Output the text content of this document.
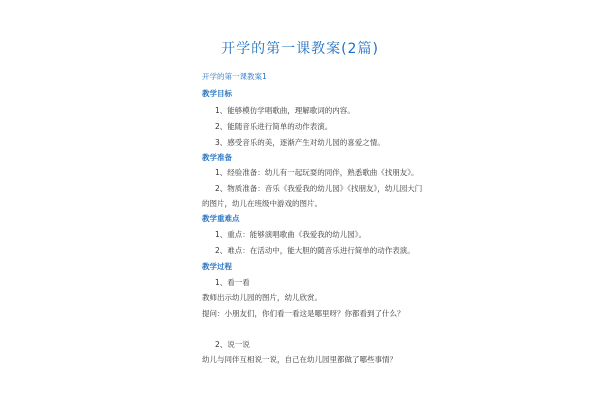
开学的第一课教案(2篇)
开学的第一课教案1
教学目标
1、能够模仿学唱歌曲，理解歌词的内容。
2、能随音乐进行简单的动作表演。
3、感受音乐的美，逐渐产生对幼儿园的喜爱之情。
教学准备
1、经验准备：幼儿有一起玩耍的同伴，熟悉歌曲《找朋友》。
2、物质准备：音乐《我爱我的幼儿园》《找朋友》，幼儿园大门
的图片，幼儿在班级中游戏的图片。
教学重难点
1、重点：能够演唱歌曲《我爱我的幼儿园》。
2、难点：在活动中，能大胆的随音乐进行简单的动作表演。
教学过程
1、看一看
教师出示幼儿园的图片，幼儿欣赏。
提问：小朋友们，你们看一看这是哪里呀？你都看到了什么？
2、说一说
幼儿与同伴互相说一说，自己在幼儿园里都做了哪些事情？
